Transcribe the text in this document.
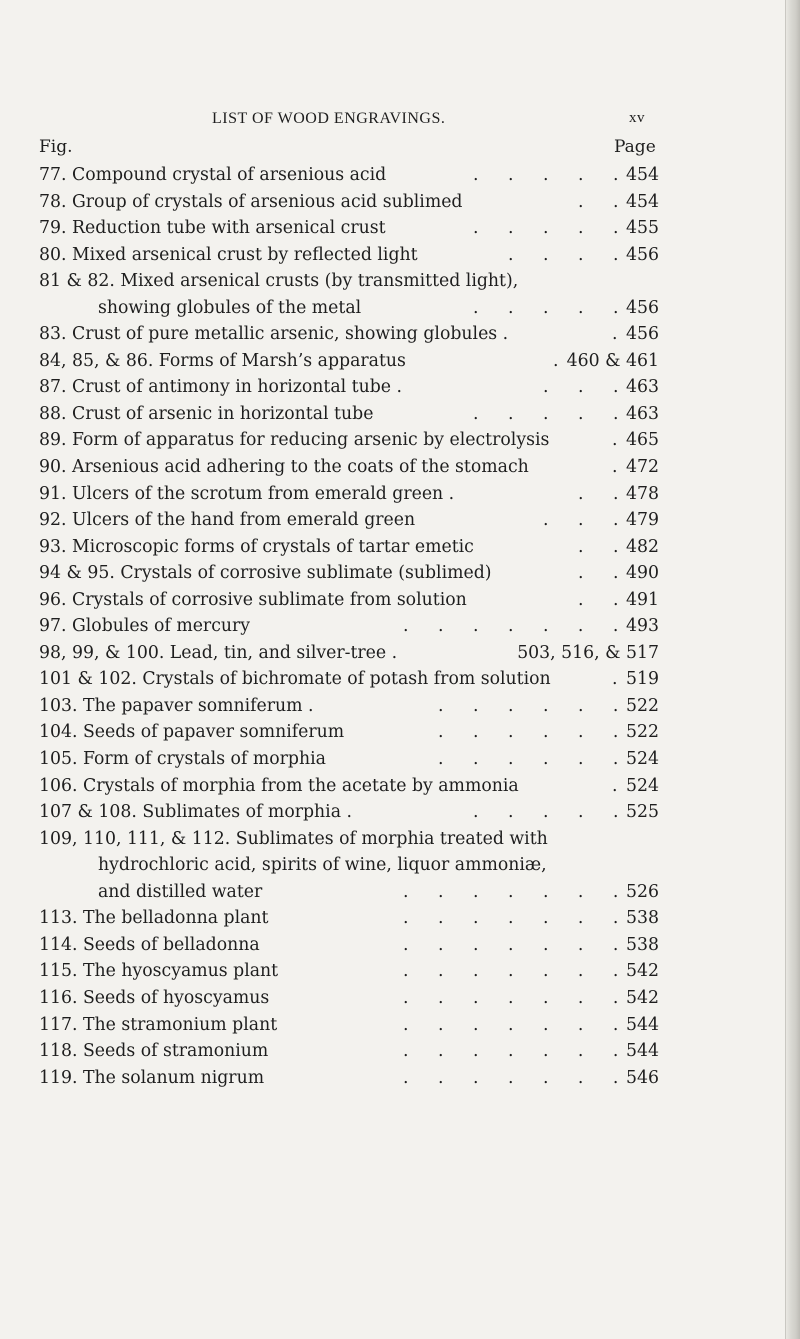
LIST OF WOOD ENGRAVINGS.	xv
Fig.	Page
77. Compound crystal of arsenious acid	454
. . . . .
78. Group of crystals of arsenious acid sublimed	454
. .
79. Reduction tube with arsenical crust	455
. . . . .
80. Mixed arsenical crust by reflected light	456
. . . .
81 & 82. Mixed arsenical crusts (by transmitted light),
showing globules of the metal	456
. . . . .
83. Crust of pure metallic arsenic, showing globules .	456
.
84, 85, & 86. Forms of Marsh’s apparatus	460 & 461
.
87. Crust of antimony in horizontal tube .	463
. . .
88. Crust of arsenic in horizontal tube	463
. . . . .
89. Form of apparatus for reducing arsenic by electrolysis	465
.
90. Arsenious acid adhering to the coats of the stomach	472
.
91. Ulcers of the scrotum from emerald green .	478
. .
92. Ulcers of the hand from emerald green	479
. . .
93. Microscopic forms of crystals of tartar emetic	482
. .
94 & 95. Crystals of corrosive sublimate (sublimed)	490
. .
96. Crystals of corrosive sublimate from solution	491
. .
97. Globules of mercury	493
. . . . . . .
98, 99, & 100. Lead, tin, and silver-tree .	503, 516, & 517
101 & 102. Crystals of bichromate of potash from solution	519
.
103. The papaver somniferum .	522
. . . . . .
104. Seeds of papaver somniferum	522
. . . . . .
105. Form of crystals of morphia	524
. . . . . .
106. Crystals of morphia from the acetate by ammonia	524
.
107 & 108. Sublimates of morphia .	525
. . . . .
109, 110, 111, & 112. Sublimates of morphia treated with
hydrochloric acid, spirits of wine, liquor ammoniæ,
and distilled water	526
. . . . . . .
113. The belladonna plant	538
. . . . . . .
114. Seeds of belladonna	538
. . . . . . .
115. The hyoscyamus plant	542
. . . . . . .
116. Seeds of hyoscyamus	542
. . . . . . .
117. The stramonium plant	544
. . . . . . .
118. Seeds of stramonium	544
. . . . . . .
119. The solanum nigrum	546
. . . . . . .
